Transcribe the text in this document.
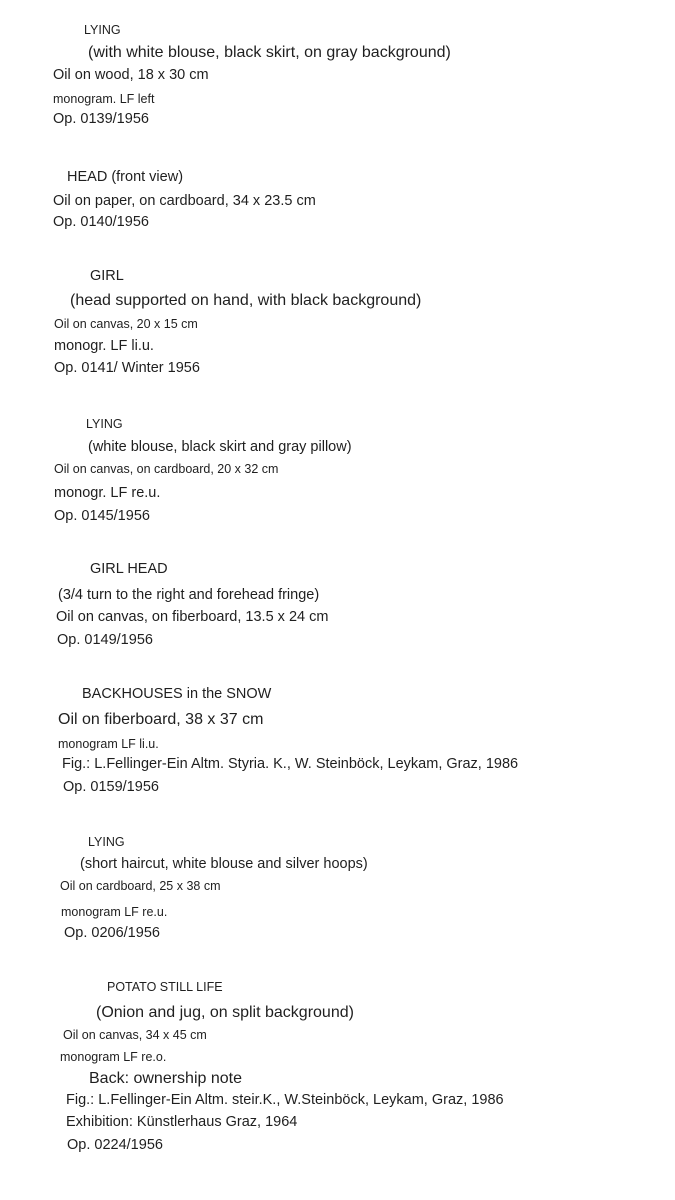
LYING
(with white blouse, black skirt, on gray background)
Oil on wood, 18 x 30 cm
monogram. LF left
Op. 0139/1956
HEAD (front view)
Oil on paper, on cardboard, 34 x 23.5 cm
Op. 0140/1956
GIRL
(head supported on hand, with black background)
Oil on canvas, 20 x 15 cm
monogr. LF li.u.
Op. 0141/ Winter 1956
LYING
(white blouse, black skirt and gray pillow)
Oil on canvas, on cardboard, 20 x 32 cm
monogr. LF re.u.
Op. 0145/1956
GIRL HEAD
(3/4 turn to the right and forehead fringe)
Oil on canvas, on fiberboard, 13.5 x 24 cm
Op. 0149/1956
BACKHOUSES in the SNOW
Oil on fiberboard, 38 x 37 cm
monogram LF li.u.
Fig.: L.Fellinger-Ein Altm. Styria. K., W. Steinböck, Leykam, Graz, 1986
Op. 0159/1956
LYING
(short haircut, white blouse and silver hoops)
Oil on cardboard, 25 x 38 cm
monogram LF re.u.
Op. 0206/1956
POTATO STILL LIFE
(Onion and jug, on split background)
Oil on canvas, 34 x 45 cm
monogram LF re.o.
Back: ownership note
Fig.: L.Fellinger-Ein Altm. steir.K., W.Steinböck, Leykam, Graz, 1986
Exhibition: Künstlerhaus Graz, 1964
Op. 0224/1956
